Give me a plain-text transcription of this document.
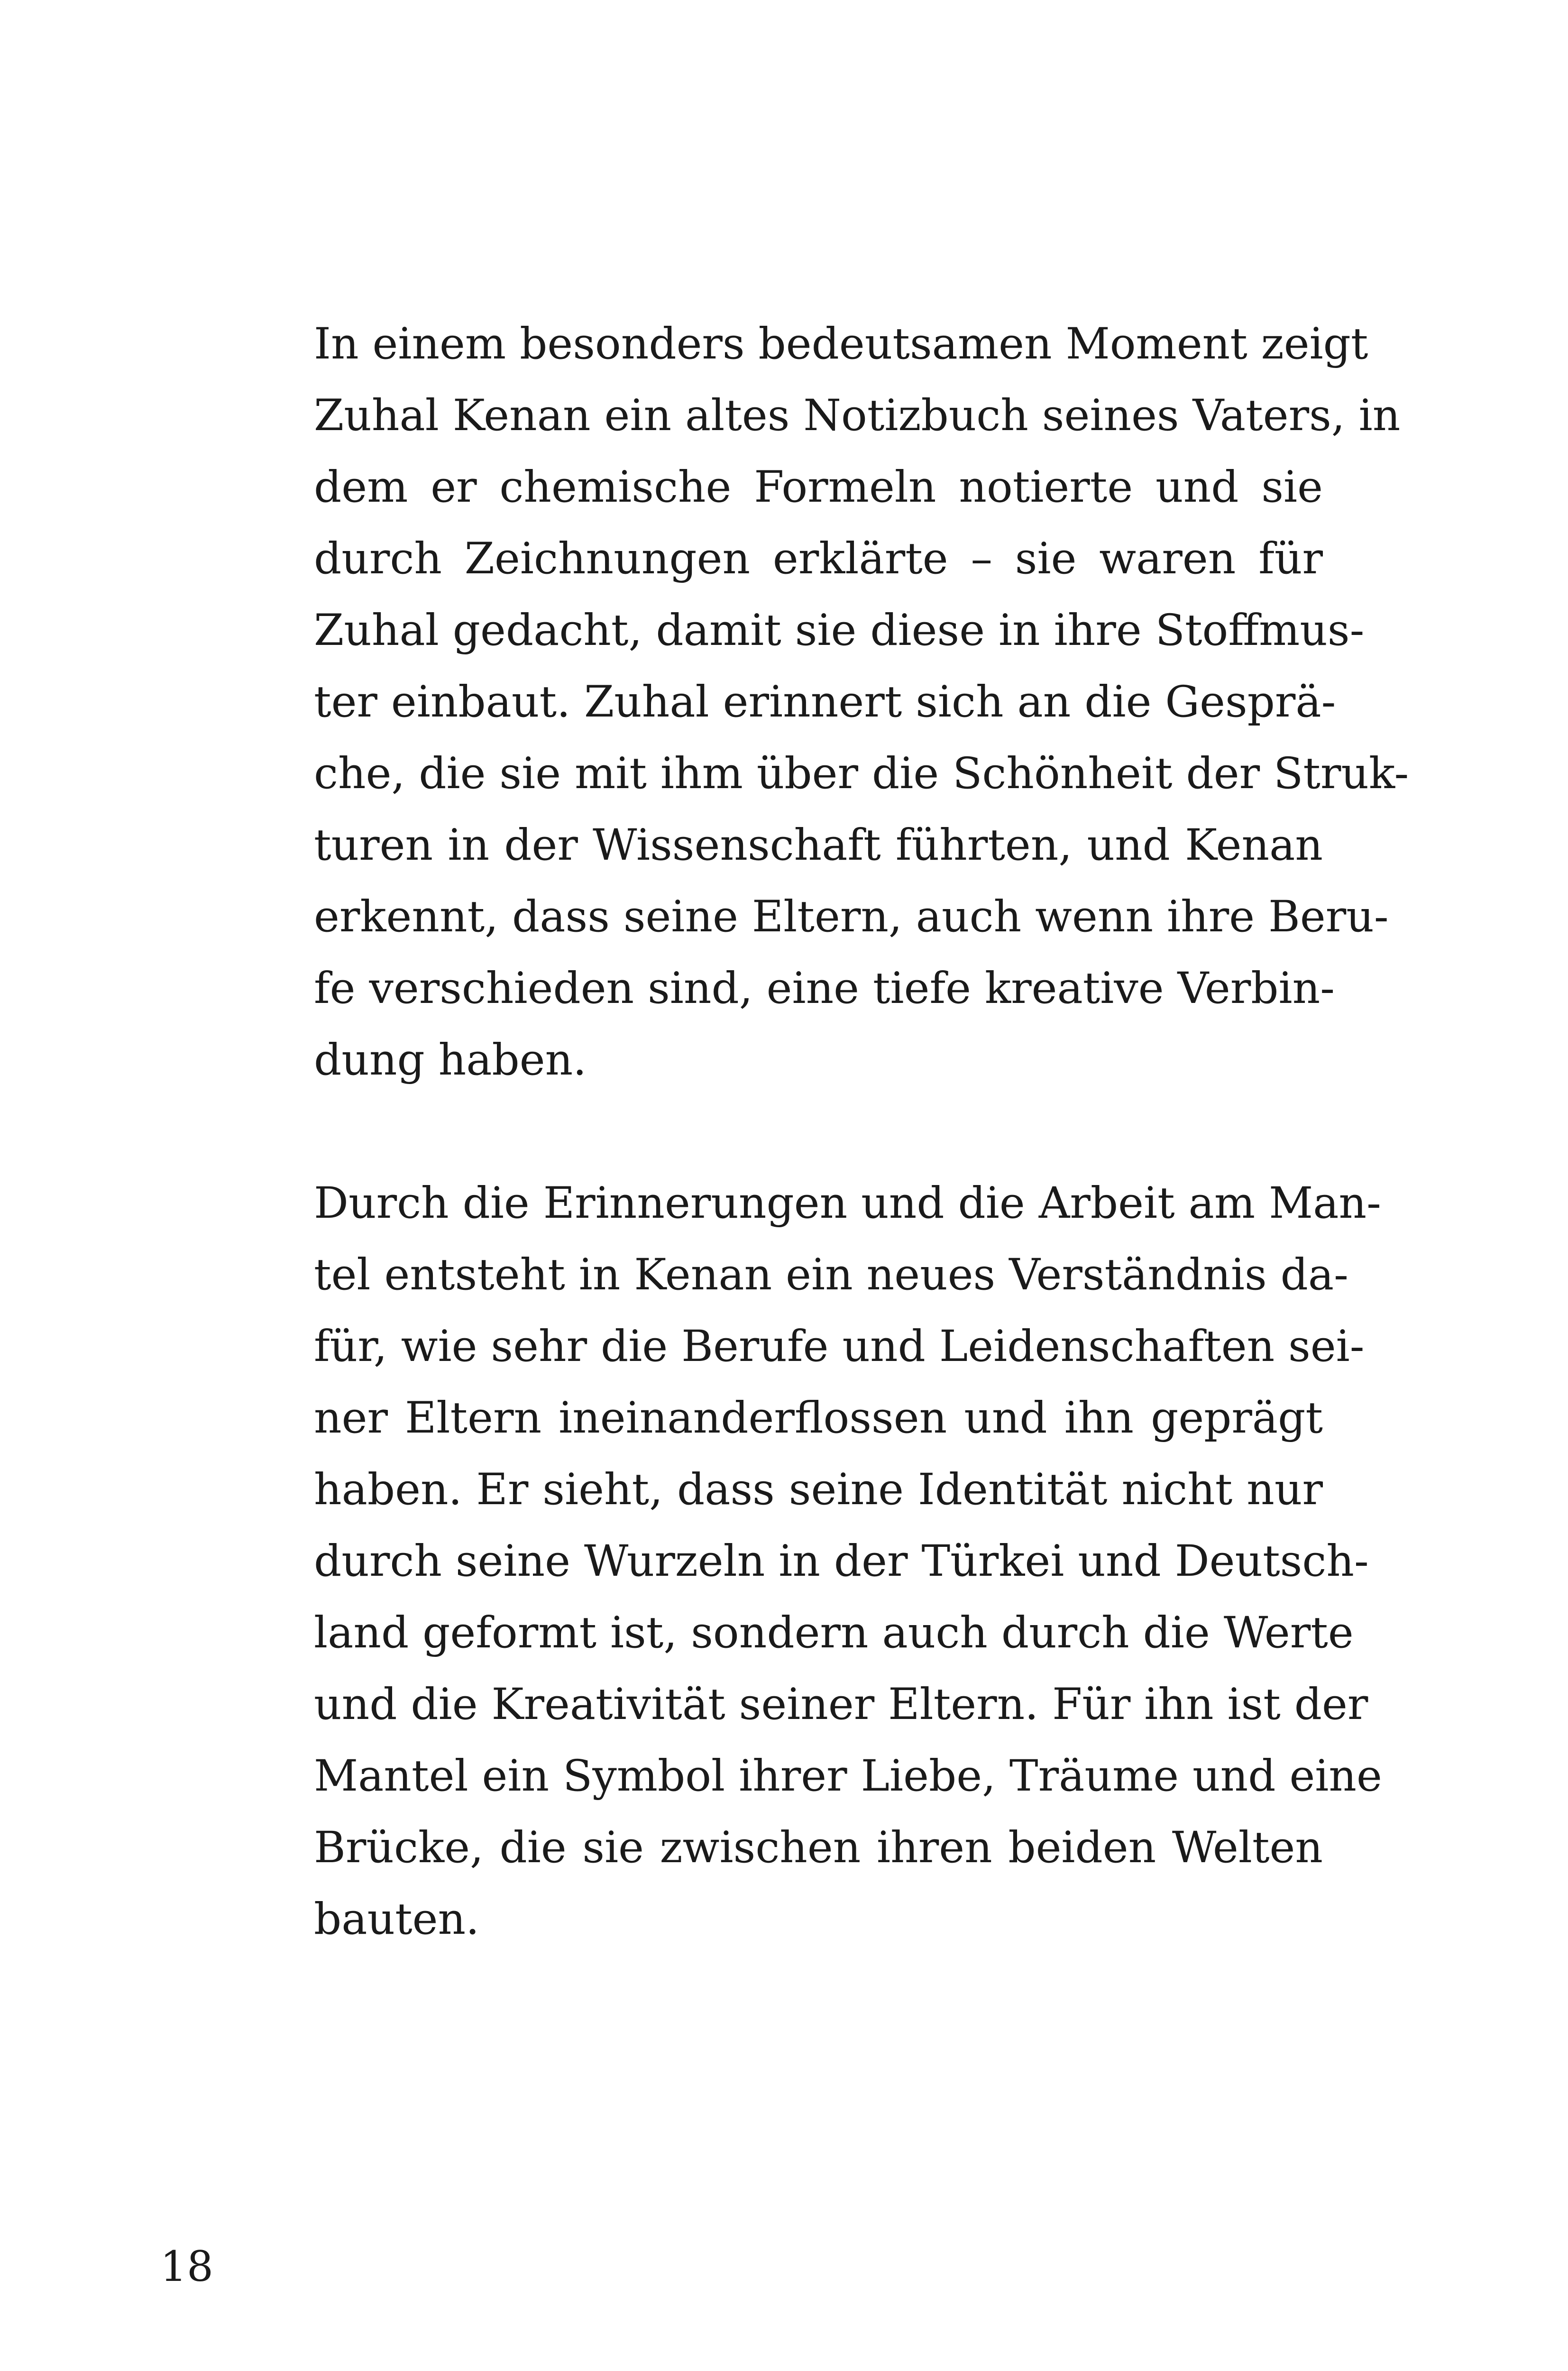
In einem besonders bedeutsamen Moment zeigt
Zuhal Kenan ein altes Notizbuch seines Vaters, in
dem er chemische Formeln notierte und sie
durch Zeichnungen erklärte – sie waren für
Zuhal gedacht, damit sie diese in ihre Stoffmus-
ter einbaut. Zuhal erinnert sich an die Gesprä-
che, die sie mit ihm über die Schönheit der Struk-
turen in der Wissenschaft führten, und Kenan
erkennt, dass seine Eltern, auch wenn ihre Beru-
fe verschieden sind, eine tiefe kreative Verbin-
dung haben.
Durch die Erinnerungen und die Arbeit am Man-
tel entsteht in Kenan ein neues Verständnis da-
für, wie sehr die Berufe und Leidenschaften sei-
ner Eltern ineinanderflossen und ihn geprägt
haben. Er sieht, dass seine Identität nicht nur
durch seine Wurzeln in der Türkei und Deutsch-
land geformt ist, sondern auch durch die Werte
und die Kreativität seiner Eltern. Für ihn ist der
Mantel ein Symbol ihrer Liebe, Träume und eine
Brücke, die sie zwischen ihren beiden Welten
bauten.
18
